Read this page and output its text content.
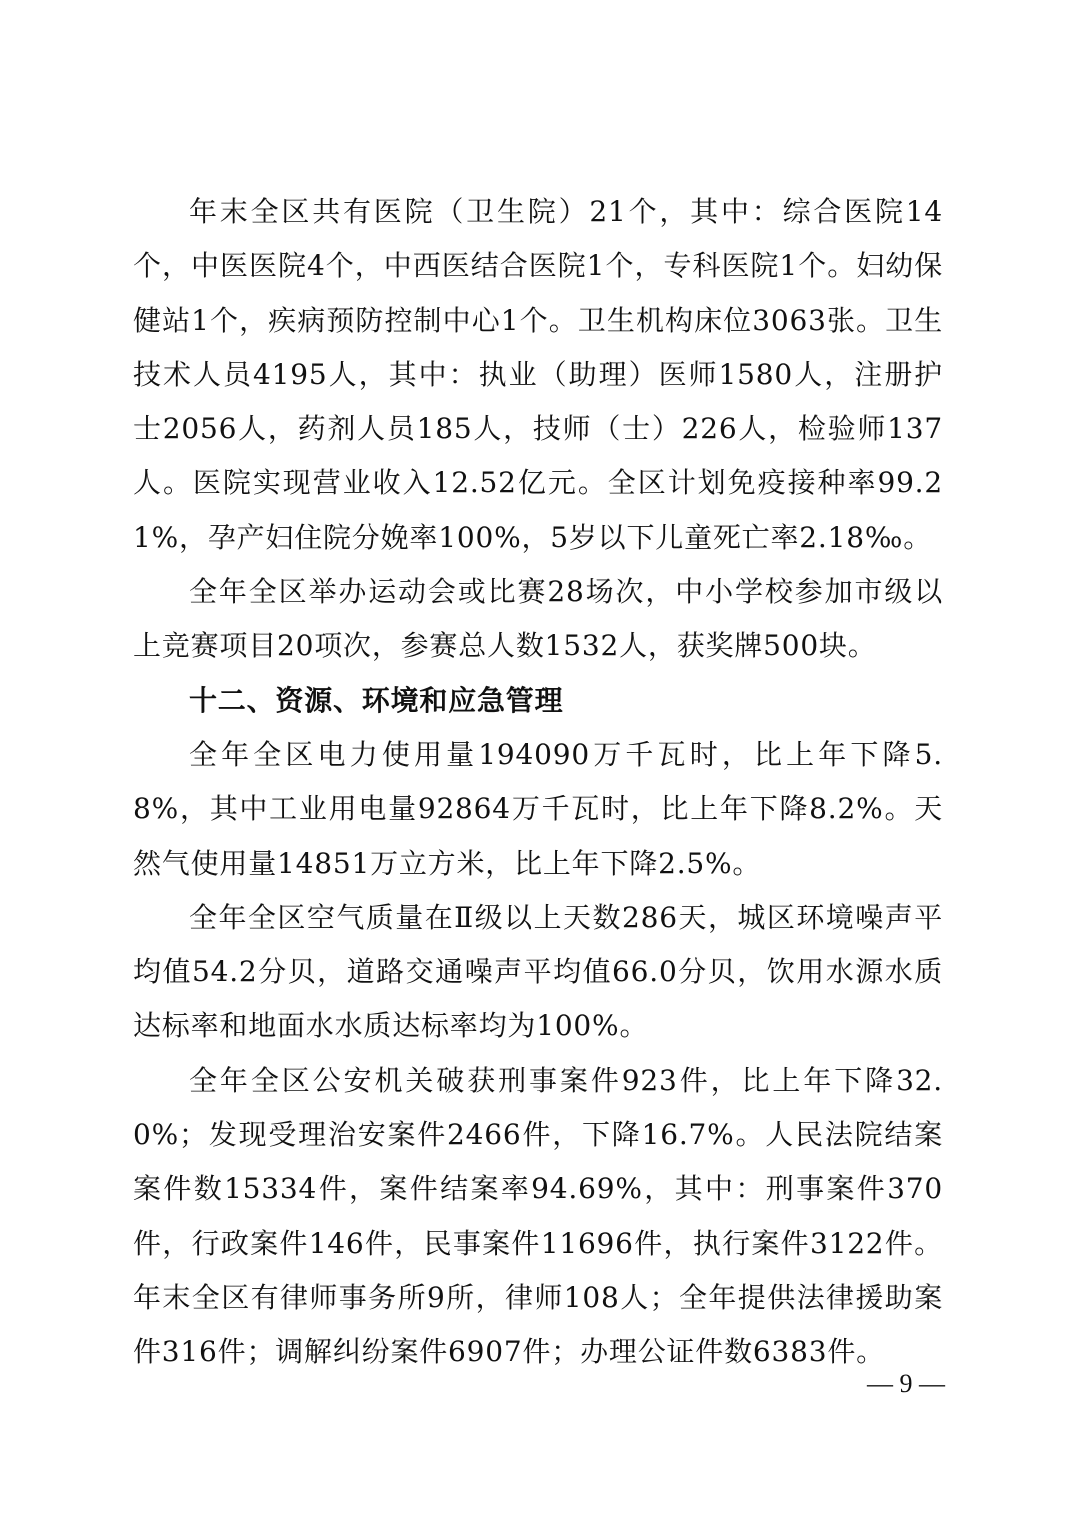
年末全区共有医院（卫生院）21个，其中：综合医院14个，中医医院4个，中西医结合医院1个，专科医院1个。妇幼保健站1个，疾病预防控制中心1个。卫生机构床位3063张。卫生技术人员4195人，其中：执业（助理）医师1580人，注册护士2056人，药剂人员185人，技师（士）226人，检验师137人。医院实现营业收入12.52亿元。全区计划免疫接种率99.21%，孕产妇住院分娩率100%，5岁以下儿童死亡率2.18‰。

全年全区举办运动会或比赛28场次，中小学校参加市级以上竞赛项目20项次，参赛总人数1532人，获奖牌500块。

十二、资源、环境和应急管理

全年全区电力使用量194090万千瓦时，比上年下降5.8%，其中工业用电量92864万千瓦时，比上年下降8.2%。天然气使用量14851万立方米，比上年下降2.5%。

全年全区空气质量在Ⅱ级以上天数286天，城区环境噪声平均值54.2分贝，道路交通噪声平均值66.0分贝，饮用水源水质达标率和地面水水质达标率均为100%。

全年全区公安机关破获刑事案件923件，比上年下降32.0%；发现受理治安案件2466件，下降16.7%。人民法院结案案件数15334件，案件结案率94.69%，其中：刑事案件370件，行政案件146件，民事案件11696件，执行案件3122件。年末全区有律师事务所9所，律师108人；全年提供法律援助案件316件；调解纠纷案件6907件；办理公证件数6383件。

— 9 —
